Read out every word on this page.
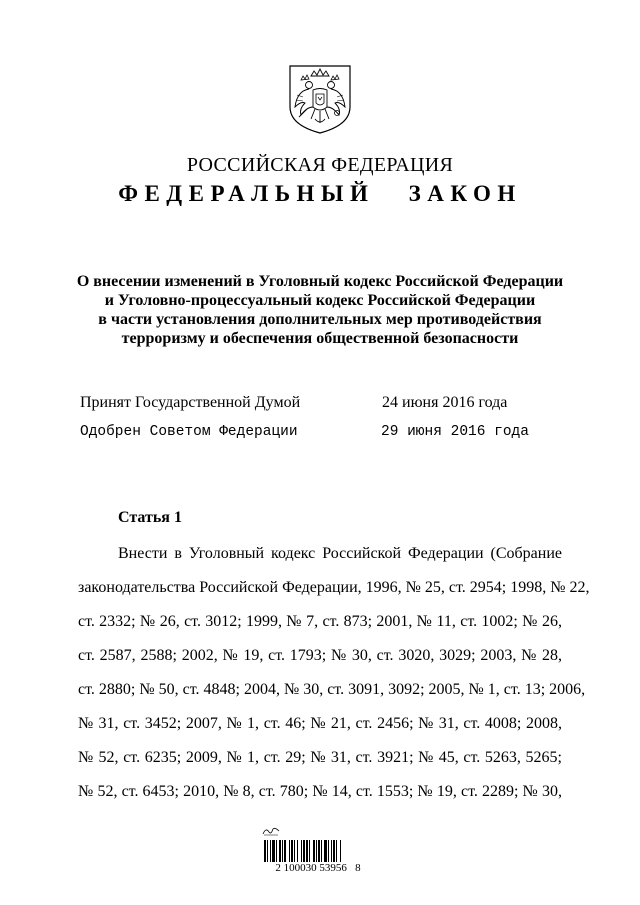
РОССИЙСКАЯ ФЕДЕРАЦИЯ
ФЕДЕРАЛЬНЫЙ ЗАКОН
О внесении изменений в Уголовный кодекс Российской Федерации
и Уголовно-процессуальный кодекс Российской Федерации
в части установления дополнительных мер противодействия
терроризму и обеспечения общественной безопасности
Принят Государственной Думой	24 июня 2016 года
Одобрен Советом Федерации	29 июня 2016 года
Статья 1
Внести в Уголовный кодекс Российской Федерации (Собрание
законодательства Российской Федерации, 1996, № 25, ст. 2954; 1998, № 22,
ст. 2332; № 26, ст. 3012; 1999, № 7, ст. 873; 2001, № 11, ст. 1002; № 26,
ст. 2587, 2588; 2002, № 19, ст. 1793; № 30, ст. 3020, 3029; 2003, № 28,
ст. 2880; № 50, ст. 4848; 2004, № 30, ст. 3091, 3092; 2005, № 1, ст. 13; 2006,
№ 31, ст. 3452; 2007, № 1, ст. 46; № 21, ст. 2456; № 31, ст. 4008; 2008,
№ 52, ст. 6235; 2009, № 1, ст. 29; № 31, ст. 3921; № 45, ст. 5263, 5265;
№ 52, ст. 6453; 2010, № 8, ст. 780; № 14, ст. 1553; № 19, ст. 2289; № 30,
2 100030 53956   8
